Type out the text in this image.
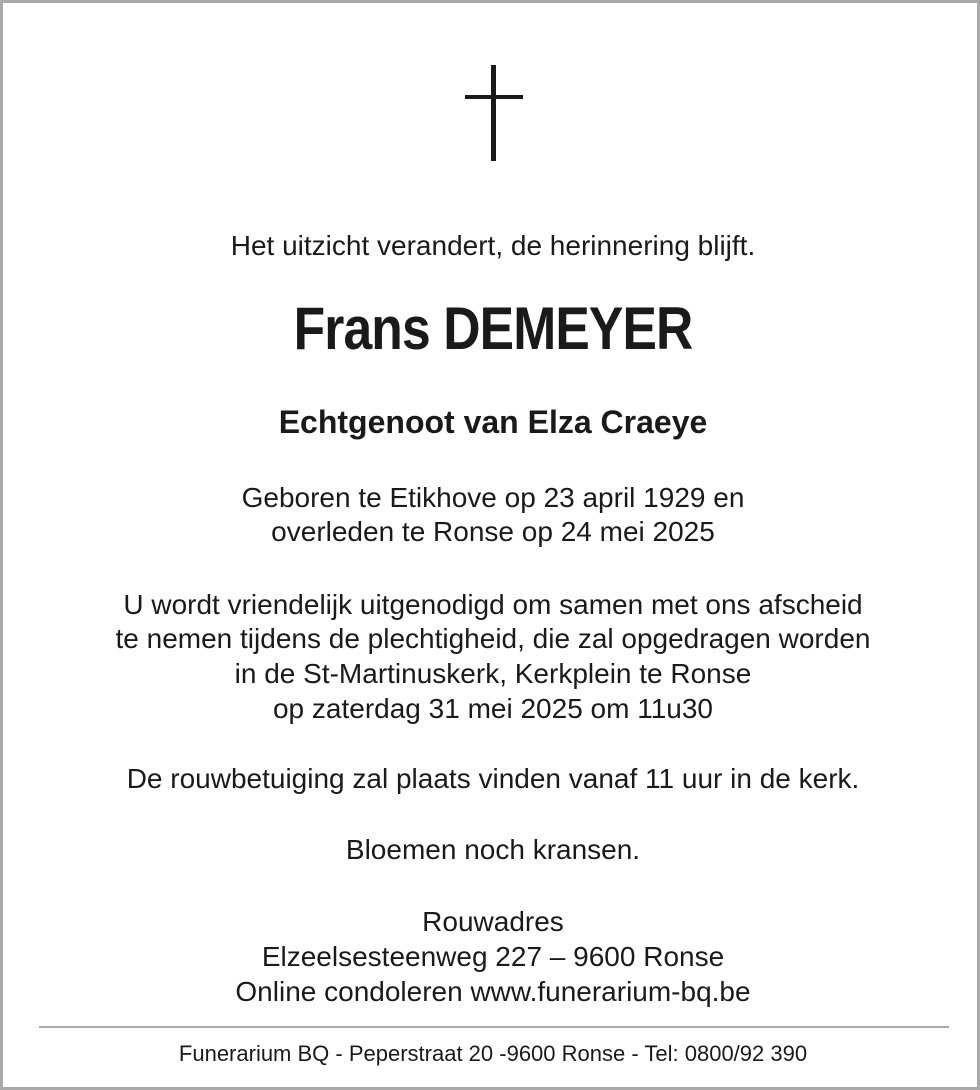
Het uitzicht verandert, de herinnering blijft.
Frans DEMEYER
Echtgenoot van Elza Craeye
Geboren te Etikhove op 23 april 1929 en
overleden te Ronse op 24 mei 2025
U wordt vriendelijk uitgenodigd om samen met ons afscheid
te nemen tijdens de plechtigheid, die zal opgedragen worden
in de St-Martinuskerk, Kerkplein te Ronse
op zaterdag 31 mei 2025 om 11u30
De rouwbetuiging zal plaats vinden vanaf 11 uur in de kerk.
Bloemen noch kransen.
Rouwadres
Elzeelsesteenweg 227 – 9600 Ronse
Online condoleren www.funerarium-bq.be
Funerarium BQ - Peperstraat 20 -9600 Ronse - Tel: 0800/92 390
